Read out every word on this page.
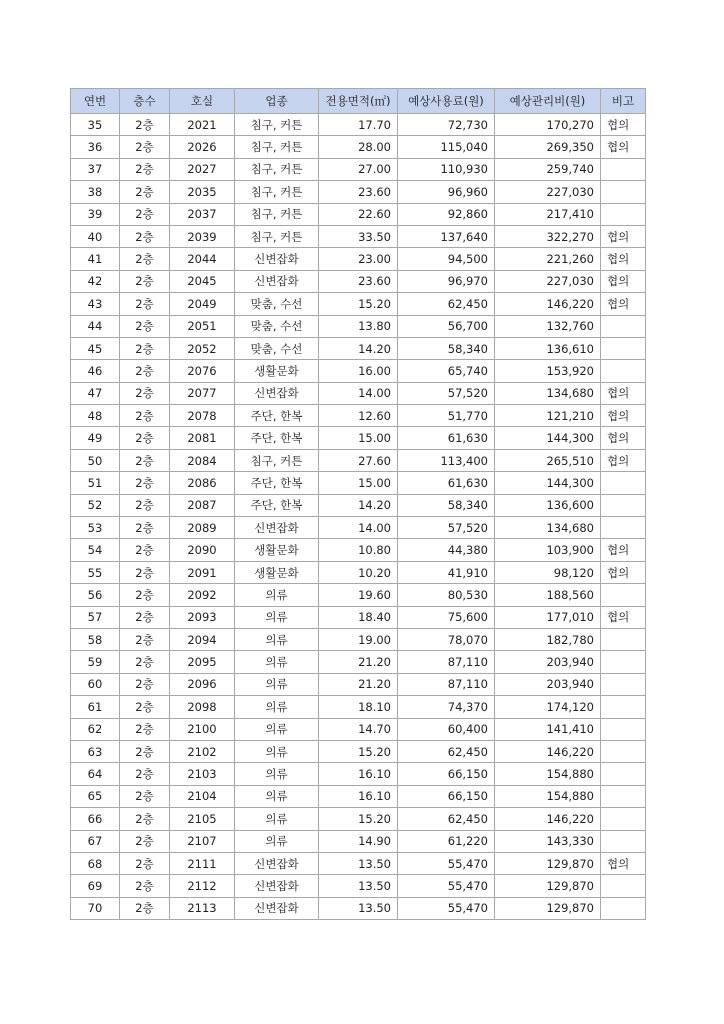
연번	층수	호실	업종	전용면적(㎡)	예상사용료(원)	예상관리비(원)	비고
35	2층	2021	침구, 커튼	17.70	72,730	170,270	협의
36	2층	2026	침구, 커튼	28.00	115,040	269,350	협의
37	2층	2027	침구, 커튼	27.00	110,930	259,740	
38	2층	2035	침구, 커튼	23.60	96,960	227,030	
39	2층	2037	침구, 커튼	22.60	92,860	217,410	
40	2층	2039	침구, 커튼	33.50	137,640	322,270	협의
41	2층	2044	신변잡화	23.00	94,500	221,260	협의
42	2층	2045	신변잡화	23.60	96,970	227,030	협의
43	2층	2049	맞춤, 수선	15.20	62,450	146,220	협의
44	2층	2051	맞춤, 수선	13.80	56,700	132,760	
45	2층	2052	맞춤, 수선	14.20	58,340	136,610	
46	2층	2076	생활문화	16.00	65,740	153,920	
47	2층	2077	신변잡화	14.00	57,520	134,680	협의
48	2층	2078	주단, 한복	12.60	51,770	121,210	협의
49	2층	2081	주단, 한복	15.00	61,630	144,300	협의
50	2층	2084	침구, 커튼	27.60	113,400	265,510	협의
51	2층	2086	주단, 한복	15.00	61,630	144,300	
52	2층	2087	주단, 한복	14.20	58,340	136,600	
53	2층	2089	신변잡화	14.00	57,520	134,680	
54	2층	2090	생활문화	10.80	44,380	103,900	협의
55	2층	2091	생활문화	10.20	41,910	98,120	협의
56	2층	2092	의류	19.60	80,530	188,560	
57	2층	2093	의류	18.40	75,600	177,010	협의
58	2층	2094	의류	19.00	78,070	182,780	
59	2층	2095	의류	21.20	87,110	203,940	
60	2층	2096	의류	21.20	87,110	203,940	
61	2층	2098	의류	18.10	74,370	174,120	
62	2층	2100	의류	14.70	60,400	141,410	
63	2층	2102	의류	15.20	62,450	146,220	
64	2층	2103	의류	16.10	66,150	154,880	
65	2층	2104	의류	16.10	66,150	154,880	
66	2층	2105	의류	15.20	62,450	146,220	
67	2층	2107	의류	14.90	61,220	143,330	
68	2층	2111	신변잡화	13.50	55,470	129,870	협의
69	2층	2112	신변잡화	13.50	55,470	129,870	
70	2층	2113	신변잡화	13.50	55,470	129,870	
